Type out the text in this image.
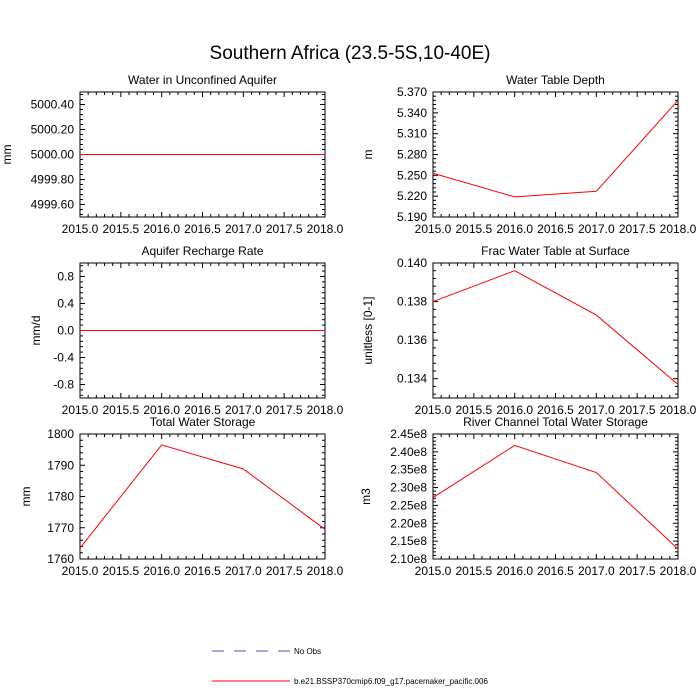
Southern Africa (23.5-5S,10-40E)
Water in Unconfined Aquifer
2015.0 2015.5 2016.0 2016.5 2017.0 2017.5 2018.0
4999.60
4999.80
5000.00
5000.20
5000.40
mm
Water Table Depth
2015.0 2015.5 2016.0 2016.5 2017.0 2017.5 2018.0
5.190
5.220
5.250
5.280
5.310
5.340
5.370
m
Aquifer Recharge Rate
2015.0 2015.5 2016.0 2016.5 2017.0 2017.5 2018.0
-0.8
-0.4
0.0
0.4
0.8
mm/d
Frac Water Table at Surface
2015.0 2015.5 2016.0 2016.5 2017.0 2017.5 2018.0
0.134
0.136
0.138
0.140
unitless [0-1]
Total Water Storage
2015.0 2015.5 2016.0 2016.5 2017.0 2017.5 2018.0
1760
1770
1780
1790
1800
mm
River Channel Total Water Storage
2015.0 2015.5 2016.0 2016.5 2017.0 2017.5 2018.0
2.10e8
2.15e8
2.20e8
2.25e8
2.30e8
2.35e8
2.40e8
2.45e8
m3
No Obs
b.e21.BSSP370cmip6.f09_g17.pacemaker_pacific.006
